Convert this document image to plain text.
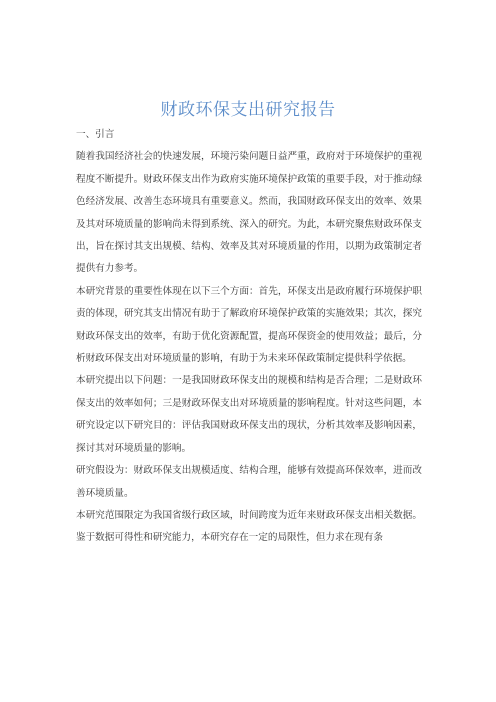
财政环保支出研究报告

一、引言

随着我国经济社会的快速发展，环境污染问题日益严重，政府对于环境保护的重视程度不断提升。财政环保支出作为政府实施环境保护政策的重要手段，对于推动绿色经济发展、改善生态环境具有重要意义。然而，我国财政环保支出的效率、效果及其对环境质量的影响尚未得到系统、深入的研究。为此，本研究聚焦财政环保支出，旨在探讨其支出规模、结构、效率及其对环境质量的作用，以期为政策制定者提供有力参考。

本研究背景的重要性体现在以下三个方面：首先，环保支出是政府履行环境保护职责的体现，研究其支出情况有助于了解政府环境保护政策的实施效果；其次，探究财政环保支出的效率，有助于优化资源配置，提高环保资金的使用效益；最后，分析财政环保支出对环境质量的影响，有助于为未来环保政策制定提供科学依据。

本研究提出以下问题：一是我国财政环保支出的规模和结构是否合理；二是财政环保支出的效率如何；三是财政环保支出对环境质量的影响程度。针对这些问题，本研究设定以下研究目的：评估我国财政环保支出的现状，分析其效率及影响因素，探讨其对环境质量的影响。

研究假设为：财政环保支出规模适度、结构合理，能够有效提高环保效率，进而改善环境质量。

本研究范围限定为我国省级行政区域，时间跨度为近年来财政环保支出相关数据。鉴于数据可得性和研究能力，本研究存在一定的局限性，但力求在现有条
